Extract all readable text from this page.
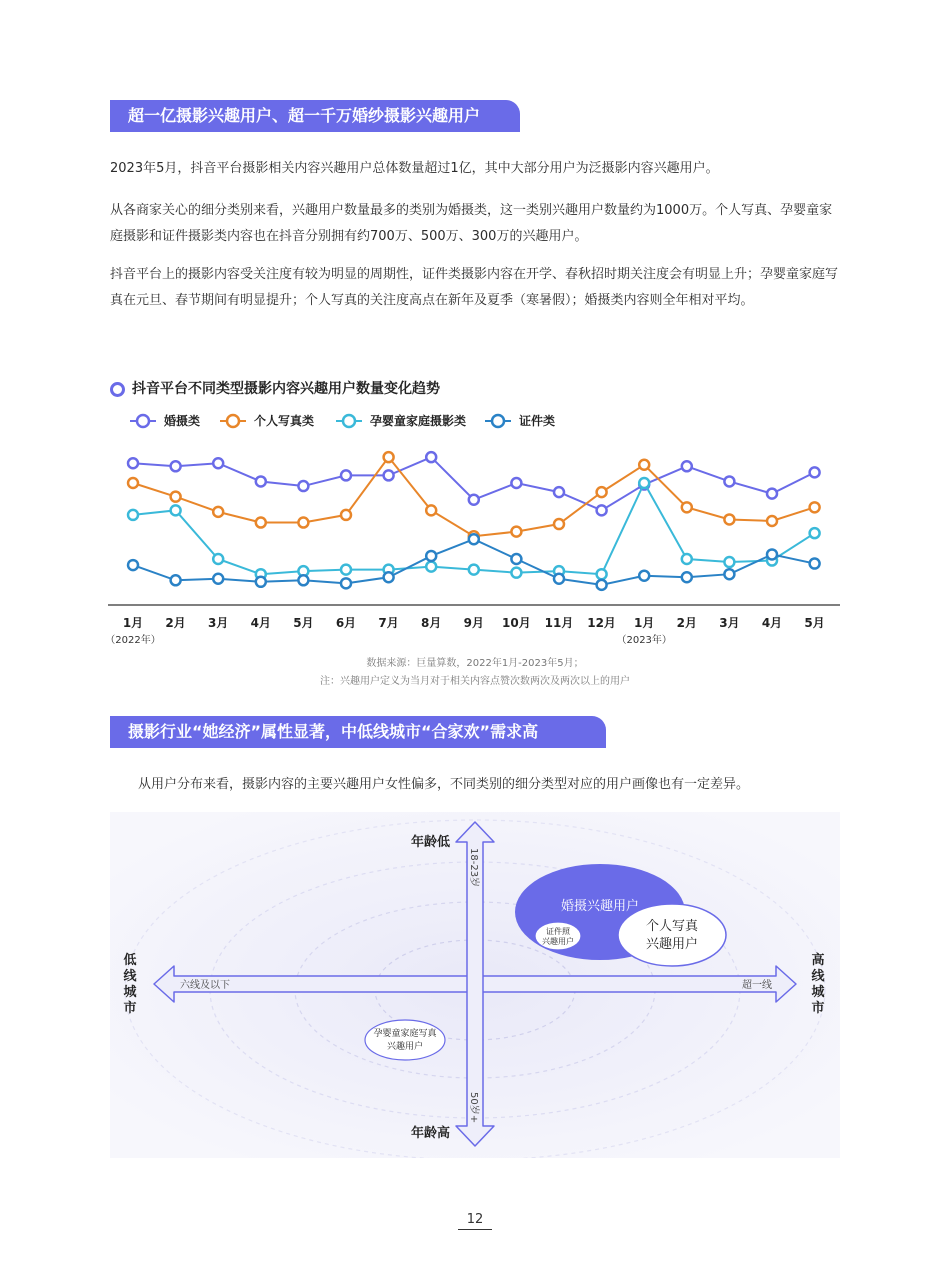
超一亿摄影兴趣用户、超一千万婚纱摄影兴趣用户

2023年5月，抖音平台摄影相关内容兴趣用户总体数量超过1亿，其中大部分用户为泛摄影内容兴趣用户。

从各商家关心的细分类别来看，兴趣用户数量最多的类别为婚摄类，这一类别兴趣用户数量约为1000万。个人写真、孕婴童家庭摄影和证件摄影类内容也在抖音分别拥有约700万、500万、300万的兴趣用户。

抖音平台上的摄影内容受关注度有较为明显的周期性，证件类摄影内容在开学、春秋招时期关注度会有明显上升；孕婴童家庭写真在元旦、春节期间有明显提升；个人写真的关注度高点在新年及夏季（寒暑假）；婚摄类内容则全年相对平均。

抖音平台不同类型摄影内容兴趣用户数量变化趋势
婚摄类	个人写真类	孕婴童家庭摄影类	证件类
1月 2月 3月 4月 5月 6月 7月 8月 9月 10月 11月 12月 1月 2月 3月 4月 5月
（2022年）	（2023年）
数据来源：巨量算数，2022年1月-2023年5月；
注：兴趣用户定义为当月对于相关内容点赞次数两次及两次以上的用户
摄影行业“她经济”属性显著，中低线城市“合家欢”需求高

从用户分布来看，摄影内容的主要兴趣用户女性偏多，不同类别的细分类型对应的用户画像也有一定差异。

年龄低
年龄高
低线城市
高线城市
18-23岁
50岁+
六线及以下	超一线
婚摄兴趣用户
个人写真
兴趣用户
证件照
兴趣用户
孕婴童家庭写真
兴趣用户
12
